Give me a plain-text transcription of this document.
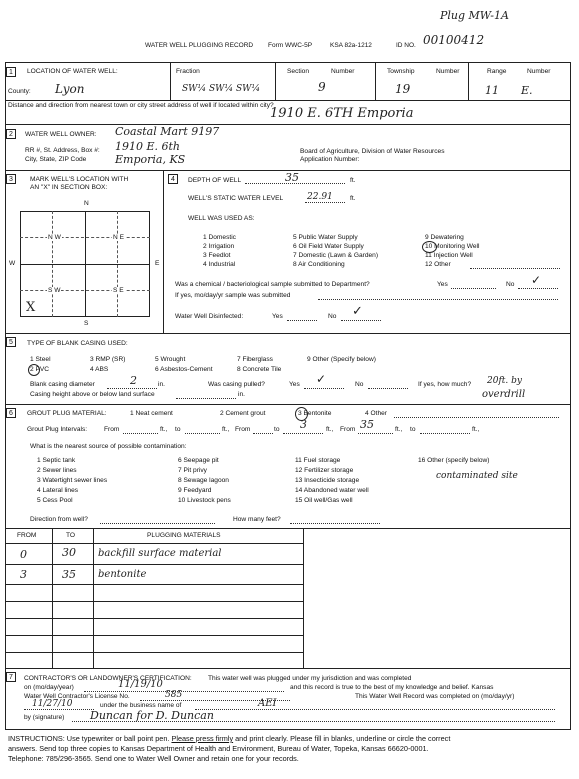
Plug MW-1A
WATER WELL PLUGGING RECORD Form WWC-5P	KSA 82a-1212	ID NO. 00100412
1	LOCATION OF WATER WELL:
County: Lyon
Fraction
SW¼ SW¼ SW¼
Section	Number
9
Township	Number
19
Range	Number
11 E.
Distance and direction from nearest town or city street address of well if located within city?
1910 E. 6TH Emporia
2	WATER WELL OWNER: Coastal Mart 9197
RR #, St. Address, Box #: 1910 E. 6th
City, State, ZIP Code	Emporia, KS
Board of Agriculture, Division of Water Resources
Application Number:
3	MARK WELL'S LOCATION WITH
AN "X" IN SECTION BOX:
N
S
W	E
N W	N E
S W	S E
X
4	DEPTH OF WELL	35	ft.
WELL'S STATIC WATER LEVEL	22.91	ft.
WELL WAS USED AS:
1 Domestic	5 Public Water Supply	9 Dewatering
2 Irrigation	6 Oil Field Water Supply	10 Monitoring Well
3 Feedlot	7 Domestic (Lawn & Garden)	11 Injection Well
4 Industrial	8 Air Conditioning	12 Other
Was a chemical / bacteriological sample submitted to Department?	Yes	No ✓
If yes, mo/day/yr sample was submitted
Water Well Disinfected:	Yes	No ✓
5	TYPE OF BLANK CASING USED:
1 Steel	3 RMP (SR)	5 Wrought	7 Fiberglass	9 Other (Specify below)
2 PVC	4 ABS	6 Asbestos-Cement	8 Concrete Tile
Blank casing diameter	2	in.	Was casing pulled?	Yes ✓	No	If yes, how much? 20ft. by
Casing height above or below land surface	in.	overdrill
6	GROUT PLUG MATERIAL:	1 Neat cement	2 Cement grout	3 Bentonite	4 Other
Grout Plug Intervals:	From	ft., to	ft., From	to 3	ft., From 35	ft., to	ft.,
What is the nearest source of possible contamination:
1 Septic tank	6 Seepage pit	11 Fuel storage	16 Other (specify below)
2 Sewer lines	7 Pit privy	12 Fertilizer storage
3 Watertight sewer lines	8 Sewage lagoon	13 Insecticide storage	contaminated site
4 Lateral lines	9 Feedyard	14 Abandoned water well
5 Cess Pool	10 Livestock pens	15 Oil well/Gas well
Direction from well?	How many feet?
FROM	TO	PLUGGING MATERIALS
0	30 backfill surface material
3	35 bentonite
7	CONTRACTOR'S OR LANDOWNER'S CERTIFICATION: This water well was plugged under my jurisdiction and was completed
on (mo/day/year)	11/19/10	and this record is true to the best of my knowledge and belief. Kansas
Water Well Contractor's License No.	585	This Water Well Record was completed on (mo/day/yr)
11/27/10	under the business name of	AEI
by (signature) Duncan for D. Duncan
INSTRUCTIONS: Use typewriter or ball point pen. Please press firmly and print clearly. Please fill in blanks, underline or circle the correct
answers. Send top three copies to Kansas Department of Health and Environment, Bureau of Water, Topeka, Kansas 66620-0001.
Telephone: 785/296-3565. Send one to Water Well Owner and retain one for your records.
